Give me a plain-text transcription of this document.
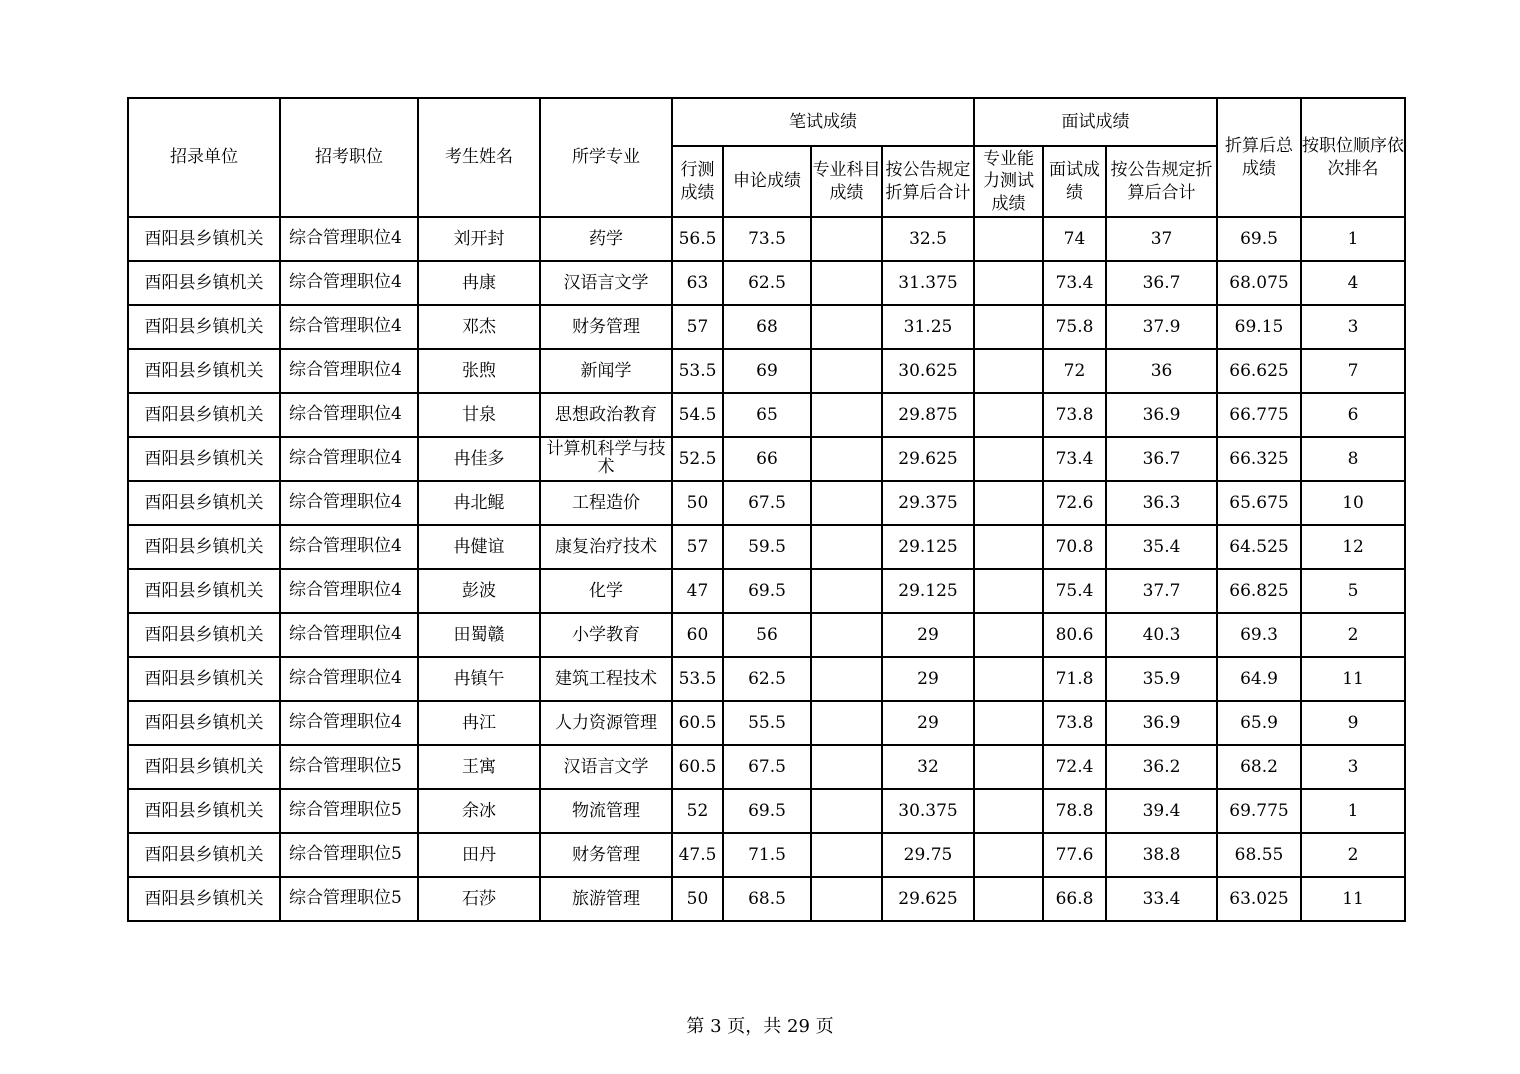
招录单位	招考职位	考生姓名	所学专业	笔试成绩				面试成绩			折算后总成绩	按职位顺序依次排名
				行测成绩	申论成绩	专业科目成绩	按公告规定折算后合计	专业能力测试成绩	面试成绩	按公告规定折算后合计		
酉阳县乡镇机关	综合管理职位4	刘开封	药学	56.5	73.5		32.5		74	37	69.5	1
酉阳县乡镇机关	综合管理职位4	冉康	汉语言文学	63	62.5		31.375		73.4	36.7	68.075	4
酉阳县乡镇机关	综合管理职位4	邓杰	财务管理	57	68		31.25		75.8	37.9	69.15	3
酉阳县乡镇机关	综合管理职位4	张煦	新闻学	53.5	69		30.625		72	36	66.625	7
酉阳县乡镇机关	综合管理职位4	甘泉	思想政治教育	54.5	65		29.875		73.8	36.9	66.775	6
酉阳县乡镇机关	综合管理职位4	冉佳多	计算机科学与技术	52.5	66		29.625		73.4	36.7	66.325	8
酉阳县乡镇机关	综合管理职位4	冉北鲲	工程造价	50	67.5		29.375		72.6	36.3	65.675	10
酉阳县乡镇机关	综合管理职位4	冉健谊	康复治疗技术	57	59.5		29.125		70.8	35.4	64.525	12
酉阳县乡镇机关	综合管理职位4	彭波	化学	47	69.5		29.125		75.4	37.7	66.825	5
酉阳县乡镇机关	综合管理职位4	田蜀赣	小学教育	60	56		29		80.6	40.3	69.3	2
酉阳县乡镇机关	综合管理职位4	冉镇午	建筑工程技术	53.5	62.5		29		71.8	35.9	64.9	11
酉阳县乡镇机关	综合管理职位4	冉江	人力资源管理	60.5	55.5		29		73.8	36.9	65.9	9
酉阳县乡镇机关	综合管理职位5	王寓	汉语言文学	60.5	67.5		32		72.4	36.2	68.2	3
酉阳县乡镇机关	综合管理职位5	余冰	物流管理	52	69.5		30.375		78.8	39.4	69.775	1
酉阳县乡镇机关	综合管理职位5	田丹	财务管理	47.5	71.5		29.75		77.6	38.8	68.55	2
酉阳县乡镇机关	综合管理职位5	石莎	旅游管理	50	68.5		29.625		66.8	33.4	63.025	11
第 3 页，共 29 页
